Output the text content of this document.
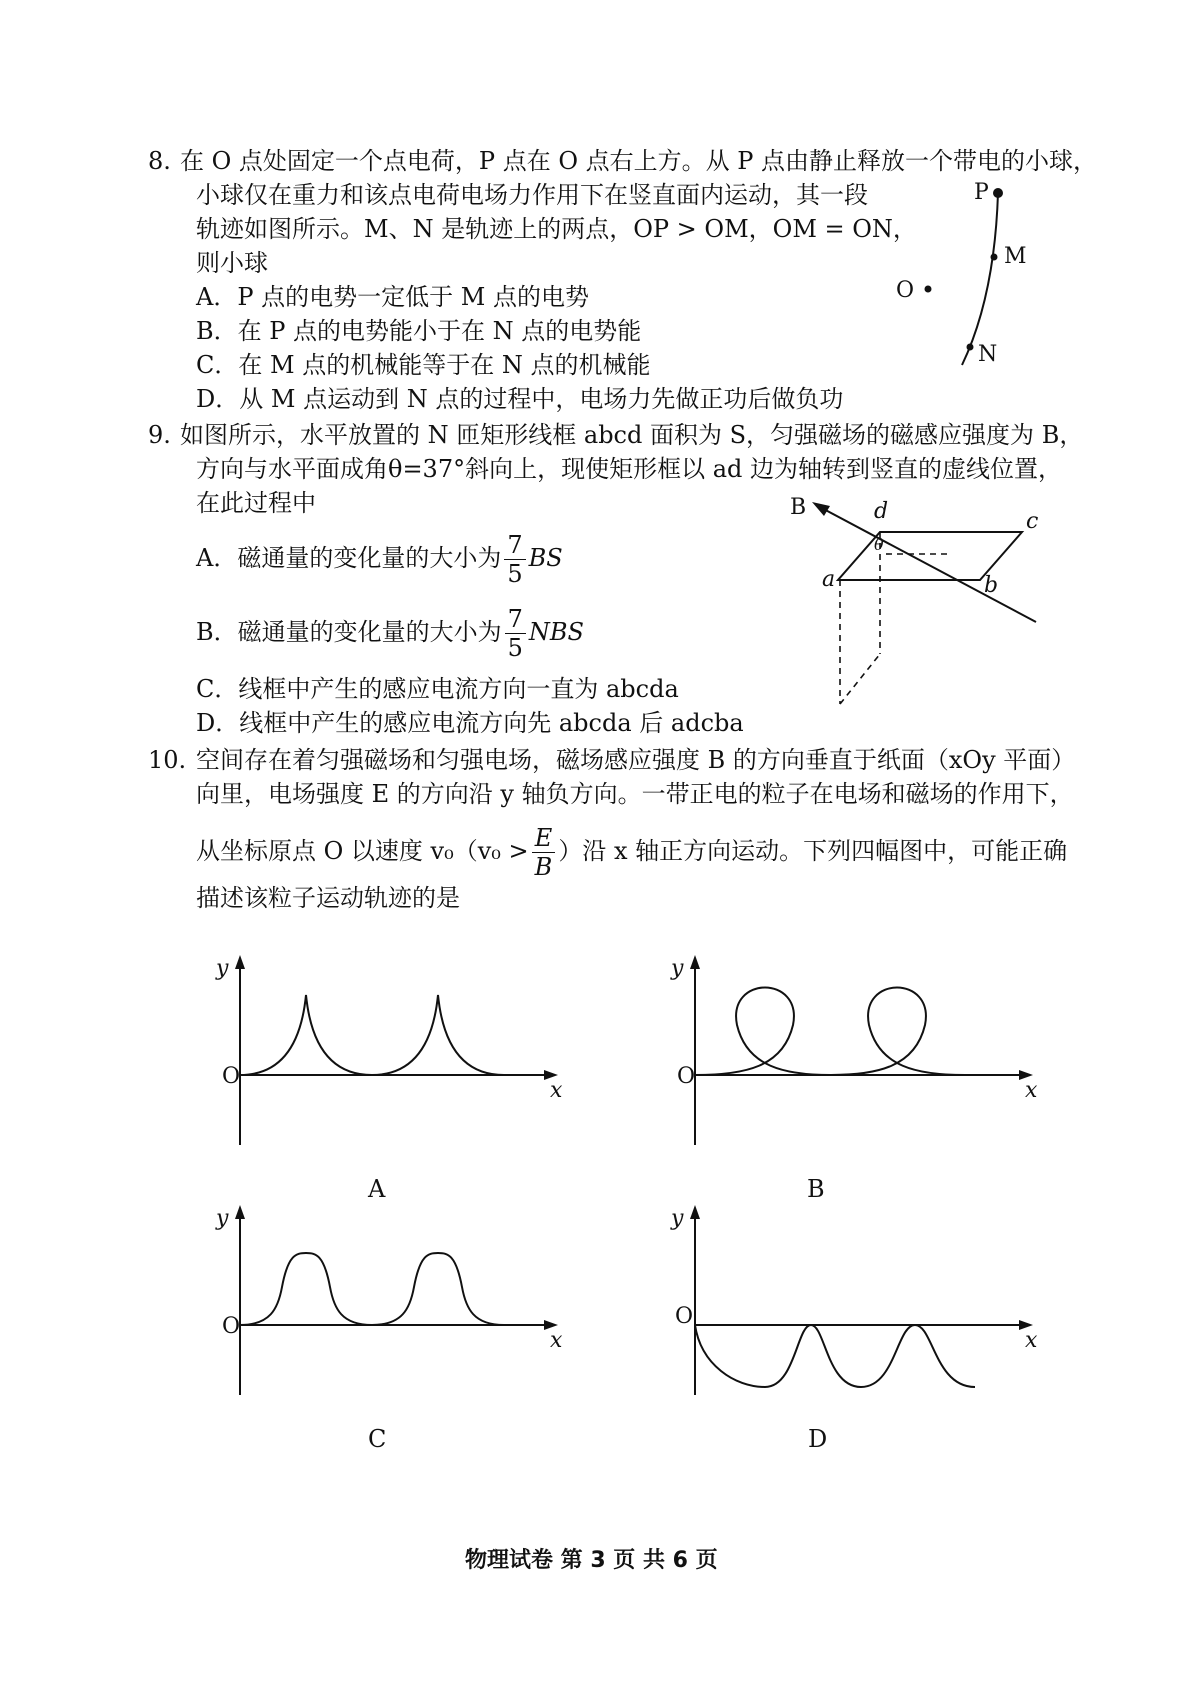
8. 在 O 点处固定一个点电荷，P 点在 O 点右上方。从 P 点由静止释放一个带电的小球，
小球仅在重力和该点电荷电场力作用下在竖直面内运动，其一段
轨迹如图所示。M、N 是轨迹上的两点，OP > OM，OM = ON，
则小球
A．P 点的电势一定低于 M 点的电势
B．在 P 点的电势能小于在 N 点的电势能
C．在 M 点的机械能等于在 N 点的机械能
D．从 M 点运动到 N 点的过程中，电场力先做正功后做负功
P
M
O
N
9. 如图所示，水平放置的 N 匝矩形线框 abcd 面积为 S，匀强磁场的磁感应强度为 B，
方向与水平面成角θ=37°斜向上，现使矩形框以 ad 边为轴转到竖直的虚线位置，
在此过程中
A．磁通量的变化量的大小为 $\frac{7}{5}$ BS
B．磁通量的变化量的大小为 $\frac{7}{5}$ NBS
C．线框中产生的感应电流方向一直为 abcda
D．线框中产生的感应电流方向先 abcda 后 adcba
B	d	c
a	b
θ
10. 空间存在着匀强磁场和匀强电场，磁场感应强度 B 的方向垂直于纸面（xOy 平面）
向里，电场强度 E 的方向沿 y 轴负方向。一带正电的粒子在电场和磁场的作用下，
从坐标原点 O 以速度 $v_0(v_0 > \frac{E}{B}$ ）沿 x 轴正方向运动。下列四幅图中，可能正确
描述该粒子运动轨迹的是
y
x
O
A
y
x
O
B
y
x
O
C
y
x
O
D
物理试卷 第 3 页 共 6 页
